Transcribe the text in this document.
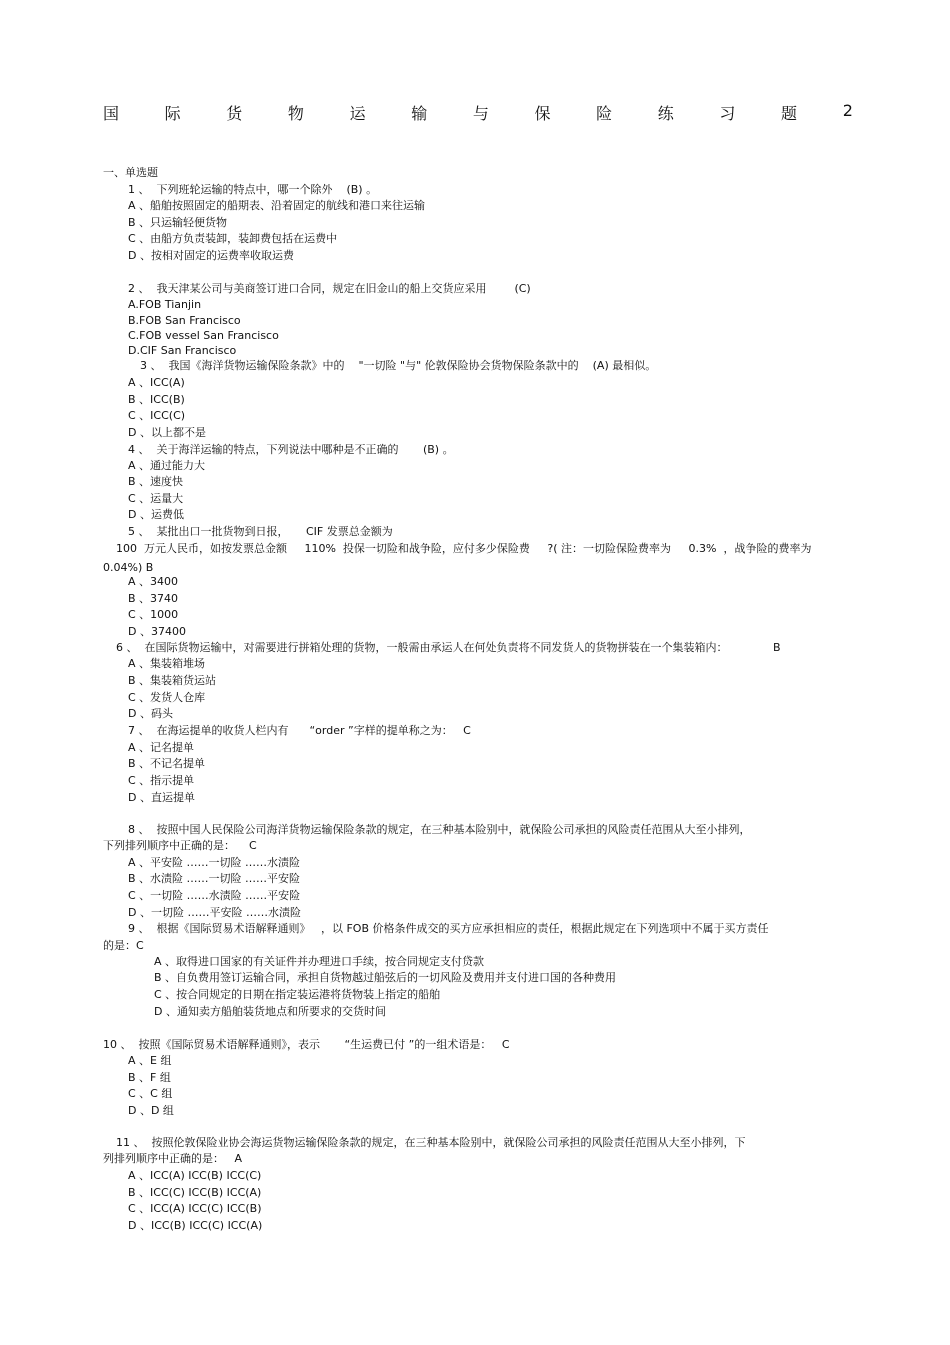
国	际	货	物	运	输	与	保	险	练	习	题	2
一、单选题
1 、  下列班轮运输的特点中，哪一个除外    (B) 。
A 、船舶按照固定的船期表、沿着固定的航线和港口来往运输
B 、只运输轻便货物
C 、由船方负责装卸，装卸费包括在运费中
D 、按相对固定的运费率收取运费
2 、  我天津某公司与美商签订进口合同，规定在旧金山的船上交货应采用        (C)
A.FOB Tianjin
B.FOB San Francisco
C.FOB vessel San Francisco
D.CIF San Francisco
3 、  我国《海洋货物运输保险条款》中的    "一切险 "与" 伦敦保险协会货物保险条款中的    (A) 最相似。
A 、ICC(A)
B 、ICC(B)
C 、ICC(C)
D 、以上都不是
4 、  关于海洋运输的特点，下列说法中哪种是不正确的       (B) 。
A 、通过能力大
B 、速度快
C 、运量大
D 、运费低
5 、  某批出口一批货物到日报，     CIF 发票总金额为
100  万元人民币，如按发票总金额     110%  投保一切险和战争险，应付多少保险费     ?( 注：一切险保险费率为     0.3%  ，战争险的费率为
0.04%) B
A 、3400
B 、3740
C 、1000
D 、37400
6 、  在国际货物运输中，对需要进行拼箱处理的货物，一般需由承运人在何处负责将不同发货人的货物拼装在一个集装箱内：             B
A 、集装箱堆场
B 、集装箱货运站
C 、发货人仓库
D 、码头
7 、  在海运提单的收货人栏内有      “order ”字样的提单称之为：   C
A 、记名提单
B 、不记名提单
C 、指示提单
D 、直运提单
8 、  按照中国人民保险公司海洋货物运输保险条款的规定，在三种基本险别中，就保险公司承担的风险责任范围从大至小排列，
下列排列顺序中正确的是：    C
A 、平安险 ……一切险 ……水渍险
B 、水渍险 ……一切险 ……平安险
C 、一切险 ……水渍险 ……平安险
D 、一切险 ……平安险 ……水渍险
9 、  根据《国际贸易术语解释通则》   ，以 FOB 价格条件成交的买方应承担相应的责任，根据此规定在下列选项中不属于买方责任
的是：C
A 、取得进口国家的有关证件并办理进口手续，按合同规定支付贷款
B 、自负费用签订运输合同，承担自货物越过船弦后的一切风险及费用并支付进口国的各种费用
C 、按合同规定的日期在指定装运港将货物装上指定的船舶
D 、通知卖方船舶装货地点和所要求的交货时间
10 、  按照《国际贸易术语解释通则》，表示       “生运费已付 ”的一组术语是：   C
A 、E 组
B 、F 组
C 、C 组
D 、D 组
11 、  按照伦敦保险业协会海运货物运输保险条款的规定，在三种基本险别中，就保险公司承担的风险责任范围从大至小排列，下
列排列顺序中正确的是：   A
A 、ICC(A) ICC(B) ICC(C)
B 、ICC(C) ICC(B) ICC(A)
C 、ICC(A) ICC(C) ICC(B)
D 、ICC(B) ICC(C) ICC(A)
